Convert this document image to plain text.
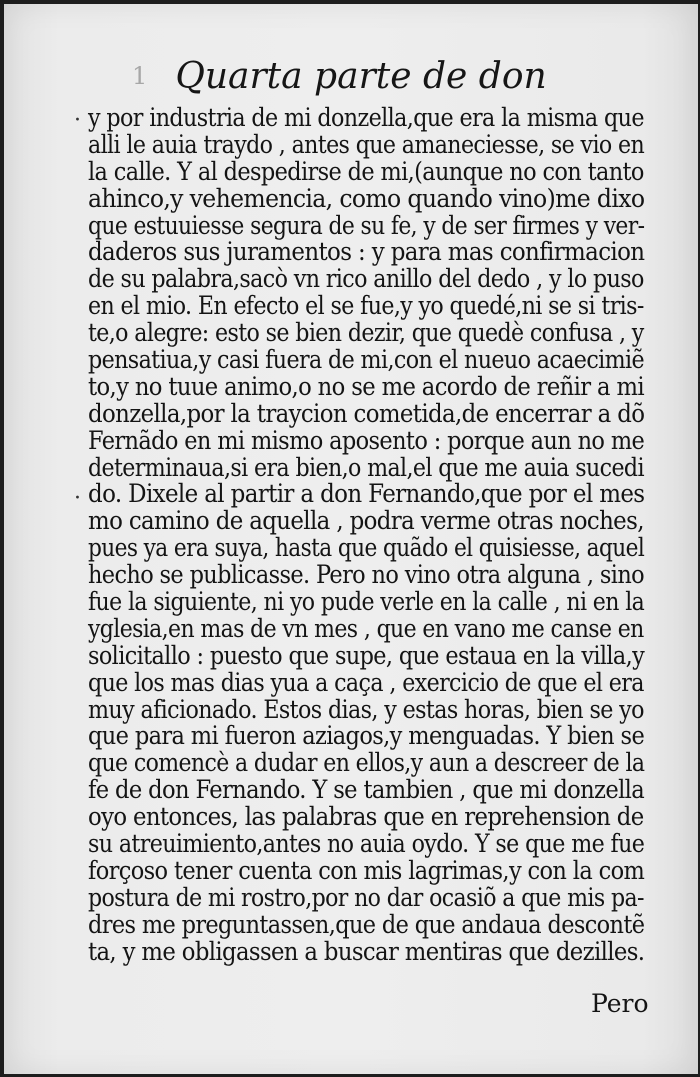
1 Quarta parte de don
·
·
y por industria de mi donzella,que era la misma que
alli le auia traydo , antes que amaneciesse, se vio en
la calle. Y al despedirse de mi,(aunque no con tanto
ahinco,y vehemencia, como quando vino)me dixo
que estuuiesse segura de su fe, y de ser firmes y ver-
daderos sus juramentos : y para mas confirmacion
de su palabra,sacò vn rico anillo del dedo , y lo puso
en el mio. En efecto el se fue,y yo quedé,ni se si tris-
te,o alegre: esto se bien dezir, que quedè confusa , y
pensatiua,y casi fuera de mi,con el nueuo acaecimiẽ
to,y no tuue animo,o no se me acordo de reñir a mi
donzella,por la traycion cometida,de encerrar a dõ
Fernãdo en mi mismo aposento : porque aun no me
determinaua,si era bien,o mal,el que me auia sucedi
do. Dixele al partir a don Fernando,que por el mes
mo camino de aquella , podra verme otras noches,
pues ya era suya, hasta que quãdo el quisiesse, aquel
hecho se publicasse. Pero no vino otra alguna , sino
fue la siguiente, ni yo pude verle en la calle , ni en la
yglesia,en mas de vn mes , que en vano me canse en
solicitallo : puesto que supe, que estaua en la villa,y
que los mas dias yua a caça , exercicio de que el era
muy aficionado. Estos dias, y estas horas, bien se yo
que para mi fueron aziagos,y menguadas. Y bien se
que comencè a dudar en ellos,y aun a descreer de la
fe de don Fernando. Y se tambien , que mi donzella
oyo entonces, las palabras que en reprehension de
su atreuimiento,antes no auia oydo. Y se que me fue
forçoso tener cuenta con mis lagrimas,y con la com
postura de mi rostro,por no dar ocasiõ a que mis pa-
dres me preguntassen,que de que andaua descontẽ
ta, y me obligassen a buscar mentiras que dezilles.
Pero
